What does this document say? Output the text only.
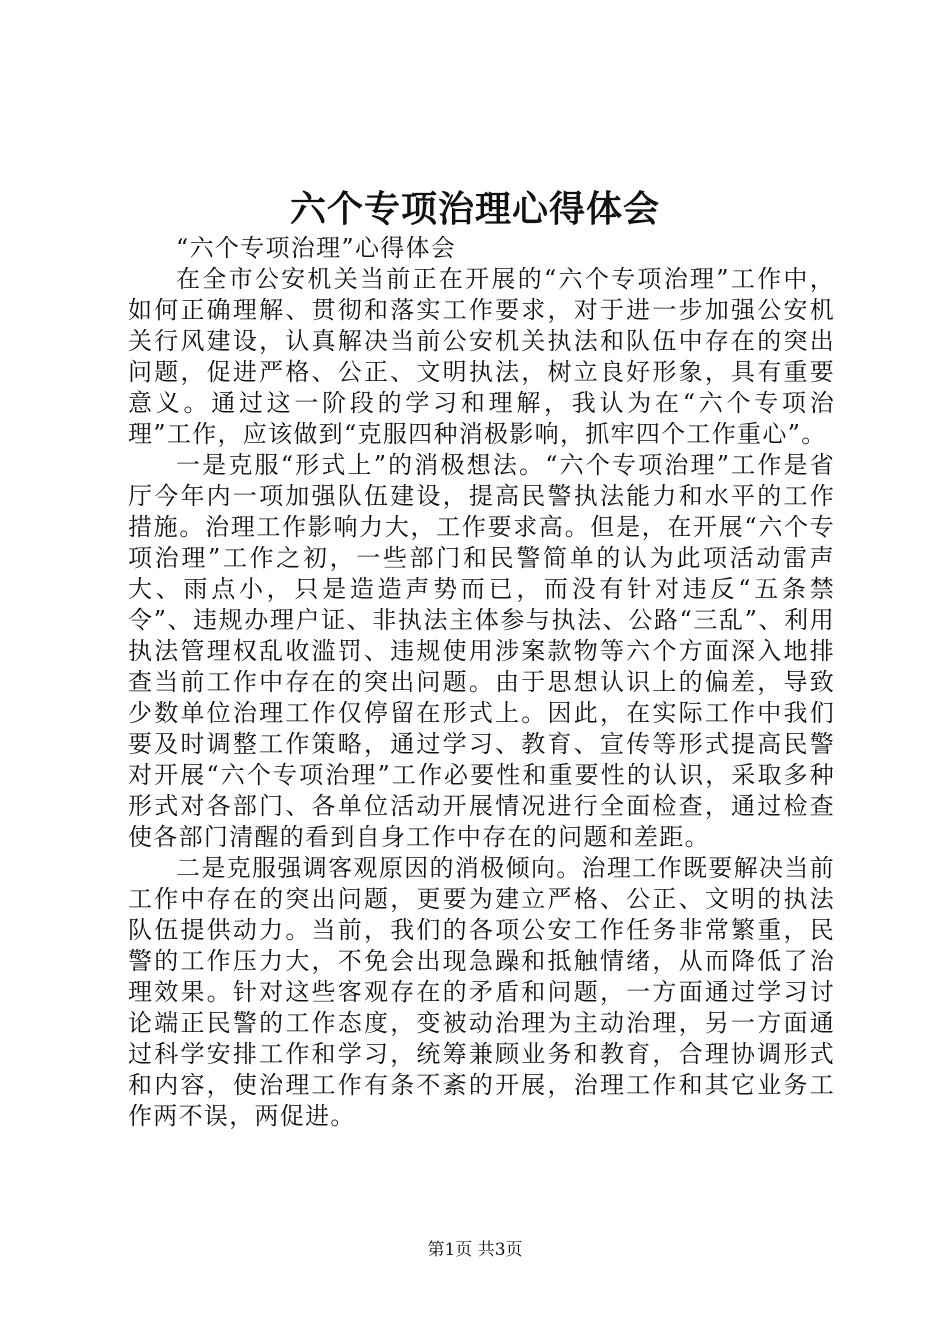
六个专项治理心得体会

“六个专项治理”心得体会

在全市公安机关当前正在开展的“六个专项治理”工作中，如何正确理解、贯彻和落实工作要求，对于进一步加强公安机关行风建设，认真解决当前公安机关执法和队伍中存在的突出问题，促进严格、公正、文明执法，树立良好形象，具有重要意义。通过这一阶段的学习和理解，我认为在“六个专项治理”工作，应该做到“克服四种消极影响，抓牢四个工作重心”。

一是克服“形式上”的消极想法。“六个专项治理”工作是省厅今年内一项加强队伍建设，提高民警执法能力和水平的工作措施。治理工作影响力大，工作要求高。但是，在开展“六个专项治理”工作之初，一些部门和民警简单的认为此项活动雷声大、雨点小，只是造造声势而已，而没有针对违反“五条禁令”、违规办理户证、非执法主体参与执法、公路“三乱”、利用执法管理权乱收滥罚、违规使用涉案款物等六个方面深入地排查当前工作中存在的突出问题。由于思想认识上的偏差，导致少数单位治理工作仅停留在形式上。因此，在实际工作中我们要及时调整工作策略，通过学习、教育、宣传等形式提高民警对开展“六个专项治理”工作必要性和重要性的认识，采取多种形式对各部门、各单位活动开展情况进行全面检查，通过检查使各部门清醒的看到自身工作中存在的问题和差距。

二是克服强调客观原因的消极倾向。治理工作既要解决当前工作中存在的突出问题，更要为建立严格、公正、文明的执法队伍提供动力。当前，我们的各项公安工作任务非常繁重，民警的工作压力大，不免会出现急躁和抵触情绪，从而降低了治理效果。针对这些客观存在的矛盾和问题，一方面通过学习讨论端正民警的工作态度，变被动治理为主动治理，另一方面通过科学安排工作和学习，统筹兼顾业务和教育，合理协调形式和内容，使治理工作有条不紊的开展，治理工作和其它业务工作两不误，两促进。

第1页 共3页
